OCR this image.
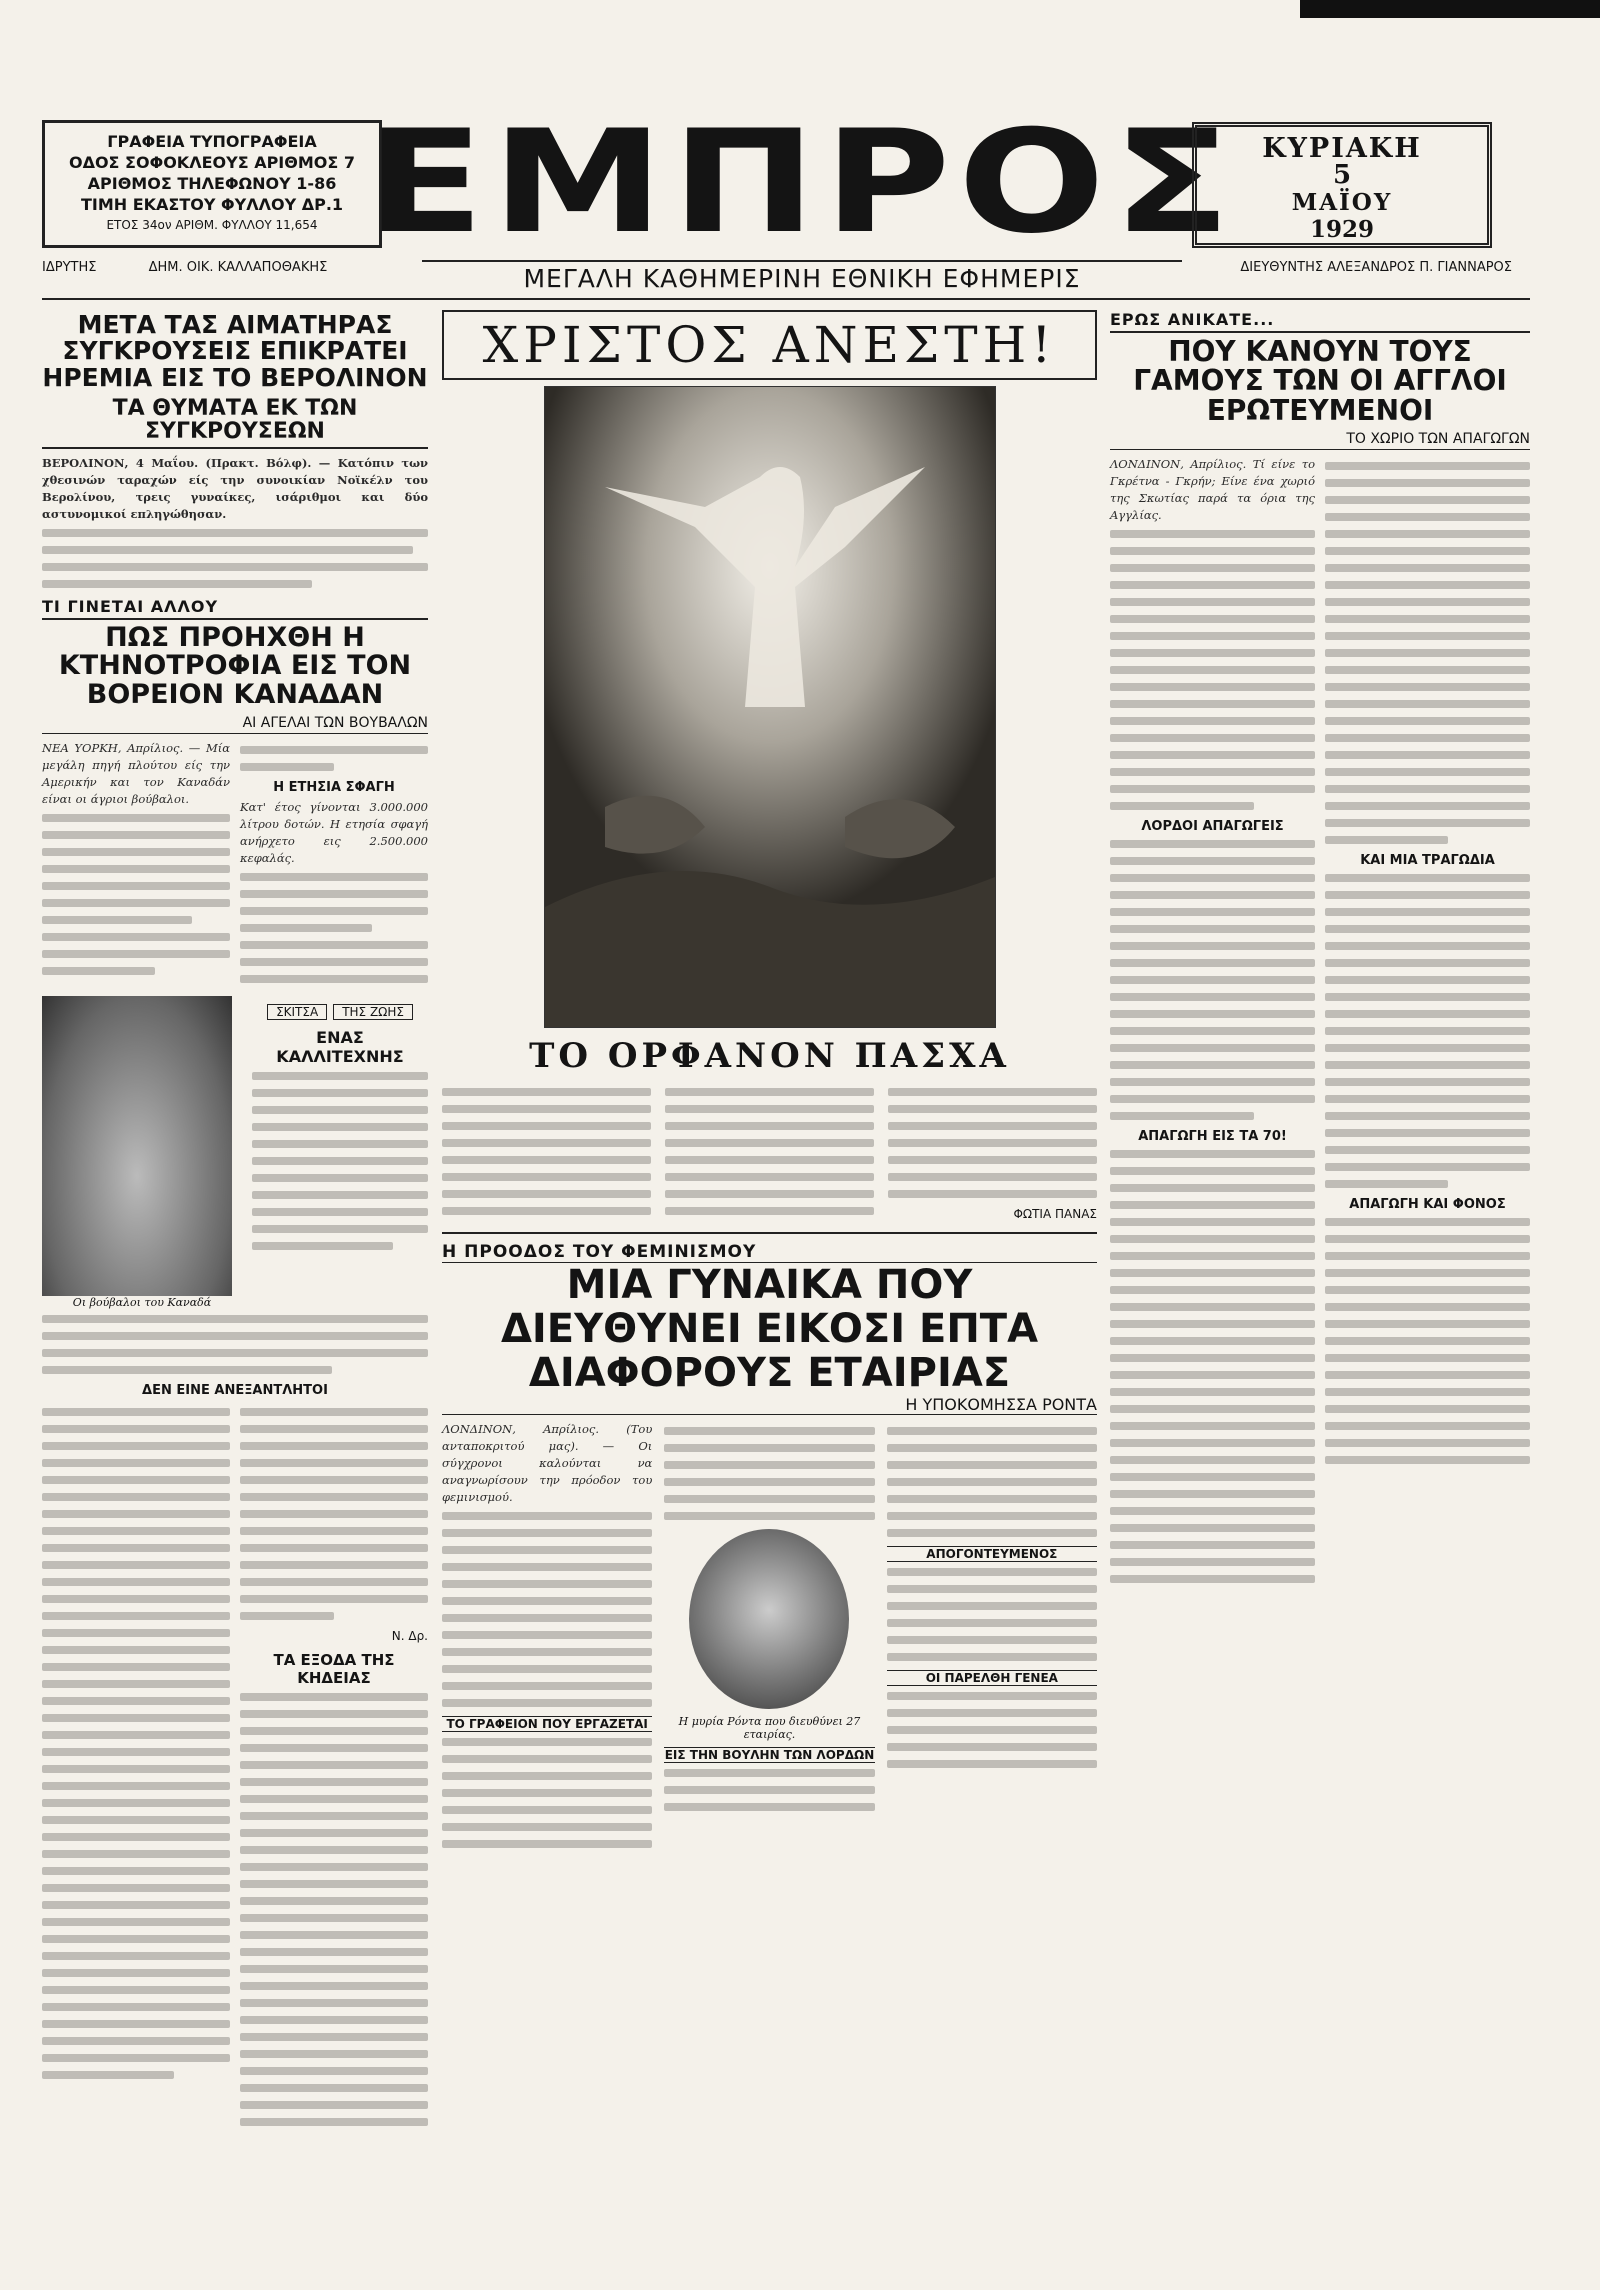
ΓΡΑΦΕΙΑ ΤΥΠΟΓΡΑΦΕΙΑ
ΟΔΟΣ ΣΟΦΟΚΛΕΟΥΣ ΑΡΙΘΜΟΣ 7
ΑΡΙΘΜΟΣ ΤΗΛΕΦΩΝΟΥ 1-86
ΤΙΜΗ ΕΚΑΣΤΟΥ ΦΥΛΛΟΥ ΔΡ.1
ΕΤΟΣ 34ον ΑΡΙΘΜ. ΦΥΛΛΟΥ 11,654 ΕΜΠΡΟΣ
ΜΕΓΑΛΗ ΚΑΘΗΜΕΡΙΝΗ ΕΘΝΙΚΗ ΕΦΗΜΕΡΙΣ
ΚΥΡΙΑΚΗ
5
ΜΑΪΟΥ
1929
ΙΔΡΥΤΗΣ	ΔΗΜ. ΟΙΚ. ΚΑΛΛΑΠΟΘΑΚΗΣ	ΔΙΕΥΘΥΝΤΗΣ ΑΛΕΞΑΝΔΡΟΣ Π. ΓΙΑΝΝΑΡΟΣ
ΜΕΤΑ ΤΑΣ ΑΙΜΑΤΗΡΑΣ ΣΥΓΚΡΟΥΣΕΙΣ ΕΠΙΚΡΑΤΕΙ ΗΡΕΜΙΑ ΕΙΣ ΤΟ ΒΕΡΟΛΙΝΟΝ
ΤΑ ΘΥΜΑΤΑ ΕΚ ΤΩΝ ΣΥΓΚΡΟΥΣΕΩΝ

ΒΕΡΟΛΙΝΟΝ, 4 Μαΐου. (Πρακτ. Βόλφ). — Κατόπιν των χθεσινών ταραχών είς την συνοικίαν Νοϊκέλν του Βερολίνου, τρεις γυναίκες, ισάριθμοι και δύο αστυνομικοί επληγώθησαν.

ΤΙ ΓΙΝΕΤΑΙ ΑΛΛΟΥ
ΠΩΣ ΠΡΟΗΧΘΗ Η ΚΤΗΝΟΤΡΟΦΙΑ ΕΙΣ ΤΟΝ ΒΟΡΕΙΟΝ ΚΑΝΑΔΑΝ
ΑΙ ΑΓΕΛΑΙ ΤΩΝ ΒΟΥΒΑΛΩΝ

ΝΕΑ ΥΟΡΚΗ, Απρίλιος. — Μία μεγάλη πηγή πλούτου είς την Αμερικήν και τον Καναδάν είναι οι άγριοι βούβαλοι.

Η ΕΤΗΣΙΑ ΣΦΑΓΗ

Κατ' έτος γίνονται 3.000.000 λίτρου δοτών. Η ετησία σφαγή ανήρχετο εις 2.500.000 κεφαλάς.

Οι βούβαλοι του Καναδά
ΣΚΙΤΣΑ	ΤΗΣ ΖΩΗΣ
ΕΝΑΣ ΚΑΛΛΙΤΕΧΝΗΣ
ΔΕΝ ΕΙΝΕ ΑΝΕΞΑΝΤΛΗΤΟΙ
Ν. Δρ.
ΤΑ ΕΞΟΔΑ ΤΗΣ ΚΗΔΕΙΑΣ
ΧΡΙΣΤΟΣ ΑΝΕΣΤΗ!
ΤΟ ΟΡΦΑΝΟΝ ΠΑΣΧΑ
ΦΩΤΙΑ ΠΑΝΑΣ
Η ΠΡΟΟΔΟΣ ΤΟΥ ΦΕΜΙΝΙΣΜΟΥ
ΜΙΑ ΓΥΝΑΙΚΑ ΠΟΥ ΔΙΕΥΘΥΝΕΙ ΕΙΚΟΣΙ ΕΠΤΑ ΔΙΑΦΟΡΟΥΣ ΕΤΑΙΡΙΑΣ
Η ΥΠΟΚΟΜΗΣΣΑ ΡΟΝΤΑ

ΛΟΝΔΙΝΟΝ, Απρίλιος. (Του ανταποκριτού μας). — Οι σύγχρονοι καλούνται να αναγνωρίσουν την πρόοδον του φεμινισμού.

ΤΟ ΓΡΑΦΕΙΟΝ ΠΟΥ ΕΡΓΑΖΕΤΑΙ	Η μυρία Ρόντα που διευθύνει 27 εταιρίας.
ΕΙΣ ΤΗΝ ΒΟΥΛΗΝ ΤΩΝ ΛΟΡΔΩΝ
ΑΠΟΓΟΝΤΕΥΜΕΝΟΣ
ΟΙ ΠΑΡΕΛΘΗ ΓΕΝΕΑ
ΕΡΩΣ ΑΝΙΚΑΤΕ...
ΠΟΥ ΚΑΝΟΥΝ ΤΟΥΣ ΓΑΜΟΥΣ ΤΩΝ ΟΙ ΑΓΓΛΟΙ ΕΡΩΤΕΥΜΕΝΟΙ
ΤΟ ΧΩΡΙΟ ΤΩΝ ΑΠΑΓΩΓΩΝ

ΛΟΝΔΙΝΟΝ, Απρίλιος. Τί είνε το Γκρέτνα - Γκρήν; Είνε ένα χωριό της Σκωτίας παρά τα όρια της Αγγλίας.

ΛΟΡΔΟΙ ΑΠΑΓΩΓΕΙΣ
ΑΠΑΓΩΓΗ ΕΙΣ ΤΑ 70!
ΚΑΙ ΜΙΑ ΤΡΑΓΩΔΙΑ
ΑΠΑΓΩΓΗ ΚΑΙ ΦΟΝΟΣ
